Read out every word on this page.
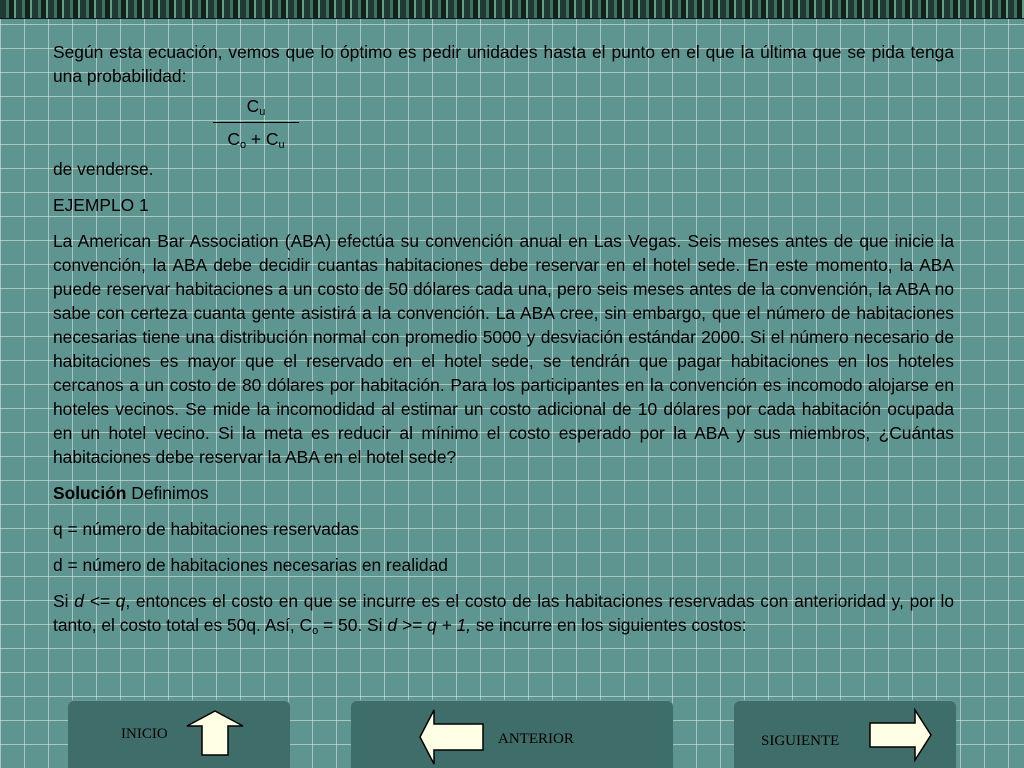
Según esta ecuación, vemos que lo óptimo es pedir unidades hasta el punto en el que la última que se pida tenga una probabilidad:

$C_u$
$C_o + C_u$

de venderse.

EJEMPLO 1

La American Bar Association (ABA) efectúa su convención anual en Las Vegas. Seis meses antes de que inicie la convención, la ABA debe decidir cuantas habitaciones debe reservar en el hotel sede. En este momento, la ABA puede reservar habitaciones a un costo de 50 dólares cada una, pero seis meses antes de la convención, la ABA no sabe con certeza cuanta gente asistirá a la convención. La ABA cree, sin embargo, que el número de habitaciones necesarias tiene una distribución normal con promedio 5000 y desviación estándar 2000. Si el número necesario de habitaciones es mayor que el reservado en el hotel sede, se tendrán que pagar habitaciones en los hoteles cercanos a un costo de 80 dólares por habitación. Para los participantes en la convención es incomodo alojarse en hoteles vecinos. Se mide la incomodidad al estimar un costo adicional de 10 dólares por cada habitación ocupada en un hotel vecino. Si la meta es reducir al mínimo el costo esperado por la ABA y sus miembros, ¿Cuántas habitaciones debe reservar la ABA en el hotel sede?

Solución Definimos

q = número de habitaciones reservadas

d = número de habitaciones necesarias en realidad

Si d <= q, entonces el costo en que se incurre es el costo de las habitaciones reservadas con anterioridad y, por lo tanto, el costo total es 50q. Así, $C_o = 50$. Si d >= q + 1, se incurre en los siguientes costos:

INICIO	ANTERIOR	SIGUIENTE
